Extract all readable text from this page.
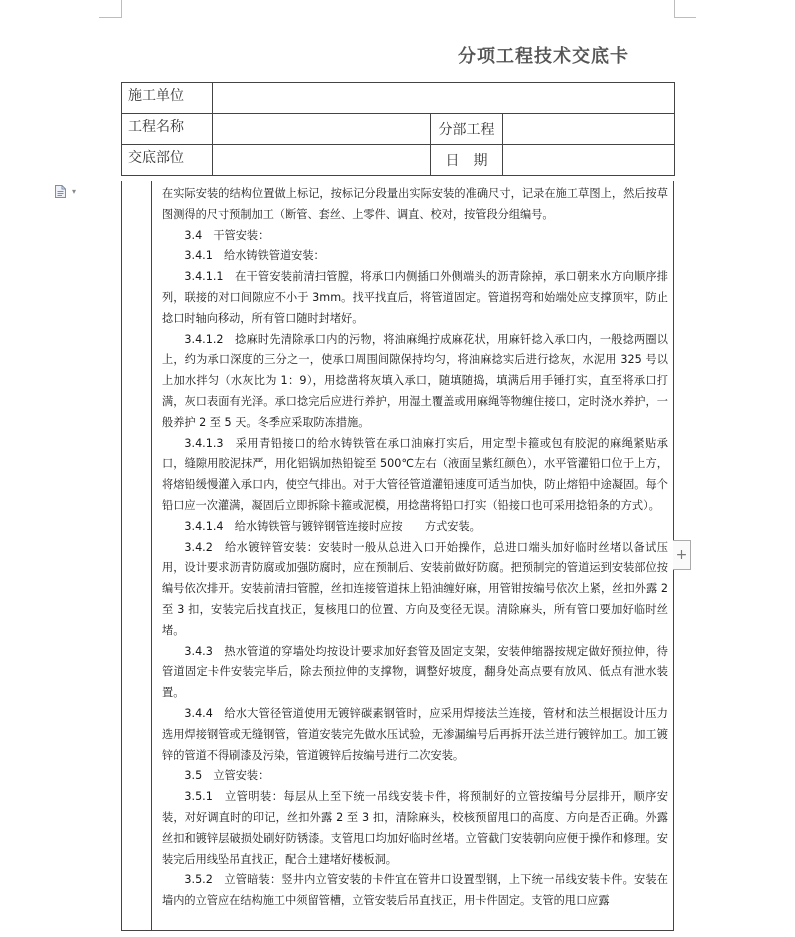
分项工程技术交底卡
施工单位			
工程名称		分部工程	
交底部位		日　期	
▾	在实际安装的结构位置做上标记，按标记分段量出实际安装的准确尺寸，记录在施工草图上，然后按草图测得的尺寸预制加工（断管、套丝、上零件、调直、校对，按管段分组编号。

3.4　干管安装：

3.4.1　给水铸铁管道安装：

3.4.1.1　在干管安装前清扫管膛，将承口内侧插口外侧端头的沥青除掉，承口朝来水方向顺序排列，联接的对口间隙应不小于 3mm。找平找直后，将管道固定。管道拐弯和始端处应支撑顶牢，防止捻口时轴向移动，所有管口随时封堵好。

3.4.1.2　捻麻时先清除承口内的污物，将油麻绳拧成麻花状，用麻钎捻入承口内，一般捻两圈以上，约为承口深度的三分之一，使承口周围间隙保持均匀，将油麻捻实后进行捻灰，水泥用 325 号以上加水拌匀（水灰比为 1：9），用捻凿将灰填入承口，随填随捣，填满后用手锤打实，直至将承口打满，灰口表面有光泽。承口捻完后应进行养护，用湿土覆盖或用麻绳等物缠住接口，定时浇水养护，一般养护 2 至 5 天。冬季应采取防冻措施。

3.4.1.3　采用青铅接口的给水铸铁管在承口油麻打实后，用定型卡箍或包有胶泥的麻绳紧贴承口，缝隙用胶泥抹严，用化铝锅加热铅锭至 500℃左右（液面呈紫红颜色），水平管灌铅口位于上方，将熔铅缓慢灌入承口内，使空气排出。对于大管径管道灌铅速度可适当加快，防止熔铅中途凝固。每个铅口应一次灌满，凝固后立即拆除卡箍或泥模，用捻凿将铅口打实（铅接口也可采用捻铅条的方式）。

3.4.1.4　给水铸铁管与镀锌钢管连接时应按　　方式安装。

3.4.2　给水镀锌管安装：安装时一般从总进入口开始操作，总进口端头加好临时丝堵以备试压用，设计要求沥青防腐或加强防腐时，应在预制后、安装前做好防腐。把预制完的管道运到安装部位按编号依次排开。安装前清扫管膛，丝扣连接管道抹上铅油缠好麻，用管钳按编号依次上紧，丝扣外露 2 至 3 扣，安装完后找直找正，复核甩口的位置、方向及变径无误。清除麻头，所有管口要加好临时丝堵。

3.4.3　热水管道的穿墙处均按设计要求加好套管及固定支架，安装伸缩器按规定做好预拉伸，待管道固定卡件安装完毕后，除去预拉伸的支撑物，调整好坡度，翻身处高点要有放风、低点有泄水装置。

3.4.4　给水大管径管道使用无镀锌碳素钢管时，应采用焊接法兰连接，管材和法兰根据设计压力选用焊接钢管或无缝钢管，管道安装完先做水压试验，无渗漏编号后再拆开法兰进行镀锌加工。加工镀锌的管道不得刷漆及污染，管道镀锌后按编号进行二次安装。

3.5　立管安装：

3.5.1　立管明装：每层从上至下统一吊线安装卡件，将预制好的立管按编号分层排开，顺序安装，对好调直时的印记，丝扣外露 2 至 3 扣，清除麻头，校核预留甩口的高度、方向是否正确。外露丝扣和镀锌层破损处刷好防锈漆。支管甩口均加好临时丝堵。立管截门安装朝向应便于操作和修理。安装完后用线坠吊直找正，配合土建堵好楼板洞。

3.5.2　立管暗装：竖井内立管安装的卡件宜在管井口设置型钢，上下统一吊线安装卡件。安装在墙内的立管应在结构施工中须留管槽，立管安装后吊直找正，用卡件固定。支管的甩口应露

+
